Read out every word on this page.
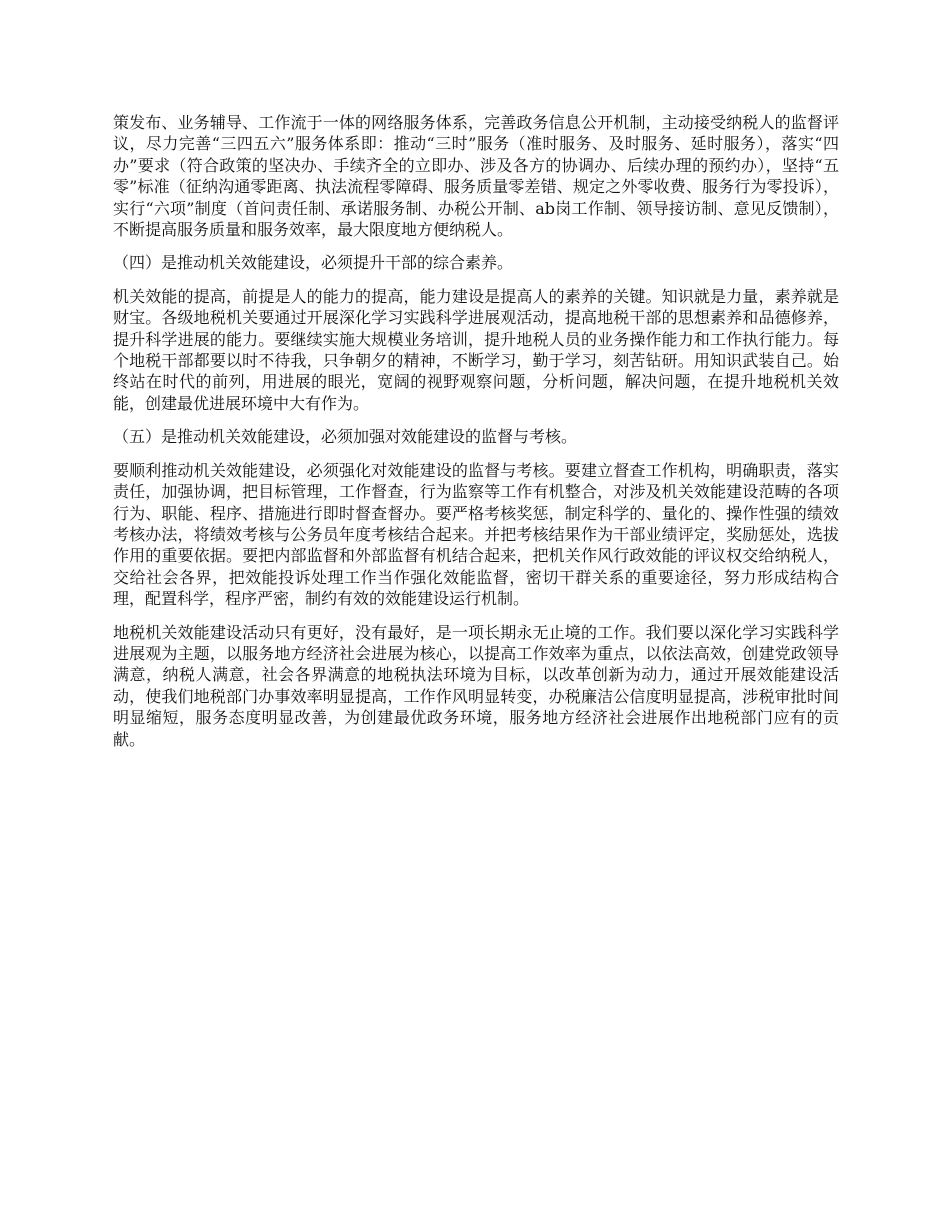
策发布、业务辅导、工作流于一体的网络服务体系，完善政务信息公开机制，主动接受纳税人的监督评议，尽力完善“三四五六”服务体系即：推动“三时”服务（准时服务、及时服务、延时服务），落实“四办”要求（符合政策的坚决办、手续齐全的立即办、涉及各方的协调办、后续办理的预约办），坚持“五零”标准（征纳沟通零距离、执法流程零障碍、服务质量零差错、规定之外零收费、服务行为零投诉），实行“六项”制度（首问责任制、承诺服务制、办税公开制、ab岗工作制、领导接访制、意见反馈制），不断提高服务质量和服务效率，最大限度地方便纳税人。

（四）是推动机关效能建设，必须提升干部的综合素养。

机关效能的提高，前提是人的能力的提高，能力建设是提高人的素养的关键。知识就是力量，素养就是财宝。各级地税机关要通过开展深化学习实践科学进展观活动，提高地税干部的思想素养和品德修养，提升科学进展的能力。要继续实施大规模业务培训，提升地税人员的业务操作能力和工作执行能力。每个地税干部都要以时不待我，只争朝夕的精神，不断学习，勤于学习，刻苦钻研。用知识武装自己。始终站在时代的前列，用进展的眼光，宽阔的视野观察问题，分析问题，解决问题，在提升地税机关效能，创建最优进展环境中大有作为。

（五）是推动机关效能建设，必须加强对效能建设的监督与考核。

要顺利推动机关效能建设，必须强化对效能建设的监督与考核。要建立督查工作机构，明确职责，落实责任，加强协调，把目标管理，工作督查，行为监察等工作有机整合，对涉及机关效能建设范畴的各项行为、职能、程序、措施进行即时督查督办。要严格考核奖惩，制定科学的、量化的、操作性强的绩效考核办法，将绩效考核与公务员年度考核结合起来。并把考核结果作为干部业绩评定，奖励惩处，选拔作用的重要依据。要把内部监督和外部监督有机结合起来，把机关作风行政效能的评议权交给纳税人，交给社会各界，把效能投诉处理工作当作强化效能监督，密切干群关系的重要途径，努力形成结构合理，配置科学，程序严密，制约有效的效能建设运行机制。

地税机关效能建设活动只有更好，没有最好，是一项长期永无止境的工作。我们要以深化学习实践科学进展观为主题，以服务地方经济社会进展为核心，以提高工作效率为重点，以依法高效，创建党政领导满意，纳税人满意，社会各界满意的地税执法环境为目标，以改革创新为动力，通过开展效能建设活动，使我们地税部门办事效率明显提高，工作作风明显转变，办税廉洁公信度明显提高，涉税审批时间明显缩短，服务态度明显改善，为创建最优政务环境，服务地方经济社会进展作出地税部门应有的贡献。
